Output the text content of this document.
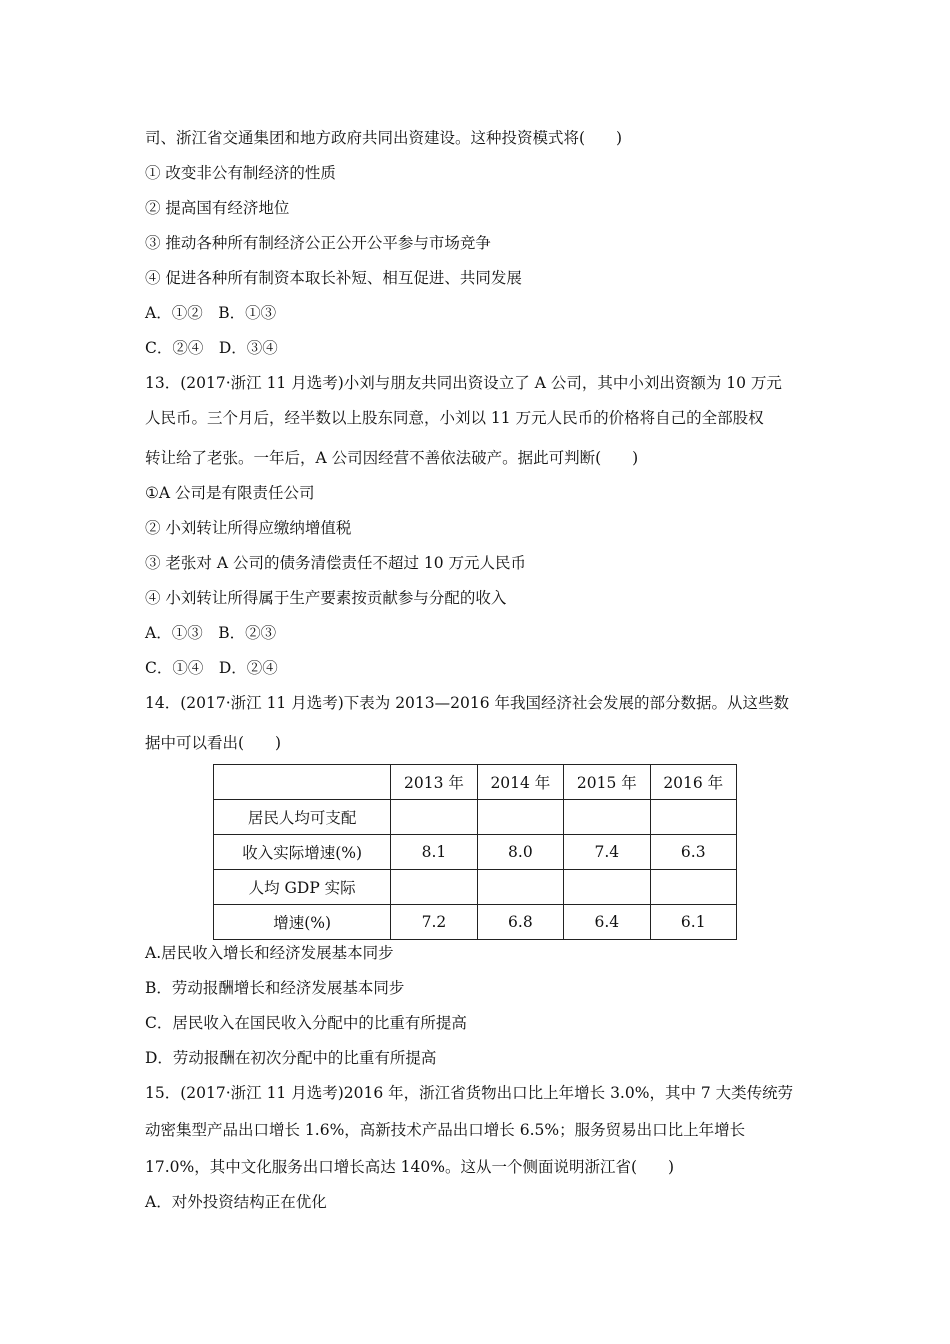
司、浙江省交通集团和地方政府共同出资建设。这种投资模式将(　　)
① 改变非公有制经济的性质
② 提高国有经济地位
③ 推动各种所有制经济公正公开公平参与市场竞争
④ 促进各种所有制资本取长补短、相互促进、共同发展
A．①②　B．①③
C．②④　D．③④
13．(2017·浙江 11 月选考)小刘与朋友共同出资设立了 A 公司，其中小刘出资额为 10 万元
人民币。三个月后，经半数以上股东同意，小刘以 11 万元人民币的价格将自己的全部股权
转让给了老张。一年后，A 公司因经营不善依法破产。据此可判断(　　)
①A 公司是有限责任公司
② 小刘转让所得应缴纳增值税
③ 老张对 A 公司的债务清偿责任不超过 10 万元人民币
④ 小刘转让所得属于生产要素按贡献参与分配的收入
A．①③　B．②③
C．①④　D．②④
14．(2017·浙江 11 月选考)下表为 2013—2016 年我国经济社会发展的部分数据。从这些数
据中可以看出(　　)
	2013 年	2014 年	2015 年	2016 年
居民人均可支配				
收入实际增速(%)	8.1	8.0	7.4	6.3
人均 GDP 实际				
增速(%)	7.2	6.8	6.4	6.1
A.居民收入增长和经济发展基本同步
B．劳动报酬增长和经济发展基本同步
C．居民收入在国民收入分配中的比重有所提高
D．劳动报酬在初次分配中的比重有所提高
15．(2017·浙江 11 月选考)2016 年，浙江省货物出口比上年增长 3.0%，其中 7 大类传统劳
动密集型产品出口增长 1.6%，高新技术产品出口增长 6.5%；服务贸易出口比上年增长
17.0%，其中文化服务出口增长高达 140%。这从一个侧面说明浙江省(　　)
A．对外投资结构正在优化
